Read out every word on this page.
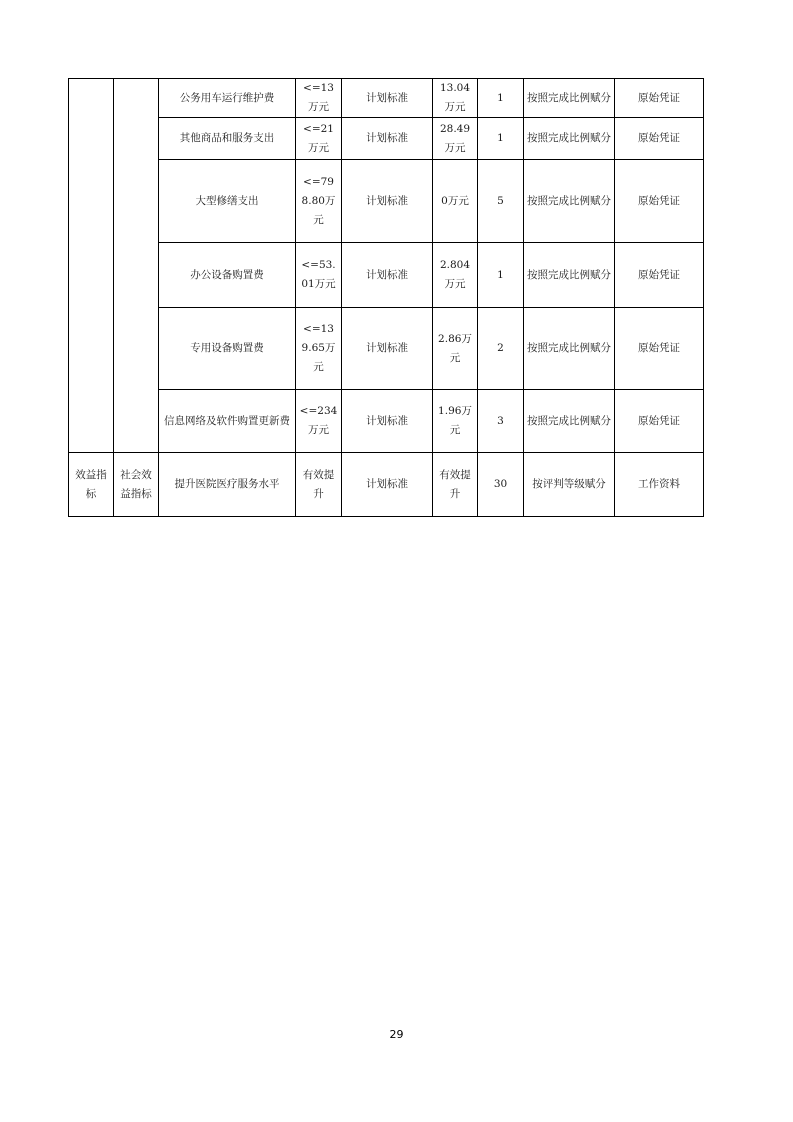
		公务用车运行维护费	<=13万元	计划标准	13.04万元	1	按照完成比例赋分	原始凭证
		其他商品和服务支出	<=21万元	计划标准	28.49万元	1	按照完成比例赋分	原始凭证
		大型修缮支出	<=798.80万元	计划标准	0万元	5	按照完成比例赋分	原始凭证
		办公设备购置费	<=53.01万元	计划标准	2.804万元	1	按照完成比例赋分	原始凭证
		专用设备购置费	<=139.65万元	计划标准	2.86万元	2	按照完成比例赋分	原始凭证
		信息网络及软件购置更新费	<=234万元	计划标准	1.96万元	3	按照完成比例赋分	原始凭证
效益指标	社会效益指标	提升医院医疗服务水平	有效提升	计划标准	有效提升	30	按评判等级赋分	工作资料
29
